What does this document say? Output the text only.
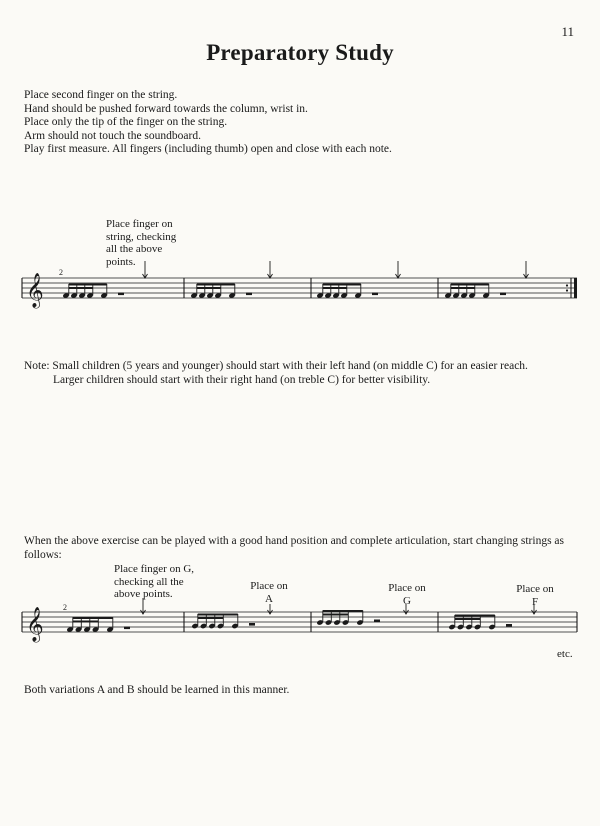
11
Preparatory Study
Place second finger on the string.
Hand should be pushed forward towards the column, wrist in.
Place only the tip of the finger on the string.
Arm should not touch the soundboard.
Play first measure. All fingers (including thumb) open and close with each note.
Place finger on
string, checking
all the above
points.
𝄞
2
Note: Small children (5 years and younger) should start with their left hand (on middle C) for an easier reach.
Larger children should start with their right hand (on treble C) for better visibility.
When the above exercise can be played with a good hand position and complete articulation, start changing strings as follows:
Place finger on G,
checking all the
above points.
Place on
A
Place on
G
Place on
F
𝄞 2
etc.
Both variations A and B should be learned in this manner.
